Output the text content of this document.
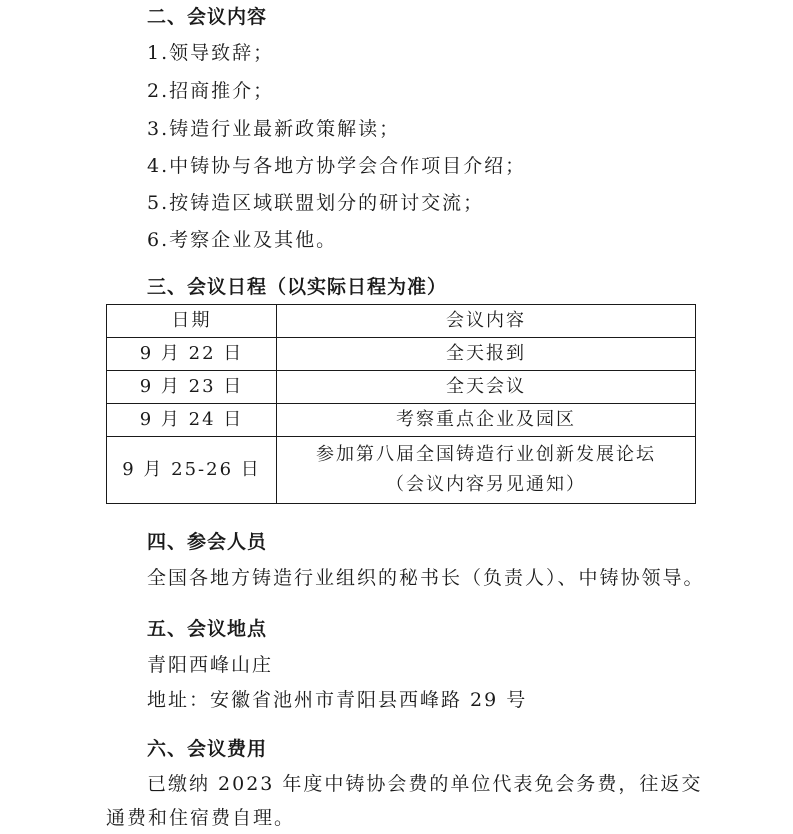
二、会议内容
1.领导致辞；
2.招商推介；
3.铸造行业最新政策解读；
4.中铸协与各地方协学会合作项目介绍；
5.按铸造区域联盟划分的研讨交流；
6.考察企业及其他。
三、会议日程（以实际日程为准）
日期	会议内容
9 月 22 日	全天报到
9 月 23 日	全天会议
9 月 24 日	考察重点企业及园区
9 月 25-26 日	参加第八届全国铸造行业创新发展论坛
（会议内容另见通知）
四、参会人员
全国各地方铸造行业组织的秘书长（负责人）、中铸协领导。
五、会议地点
青阳西峰山庄
地址：安徽省池州市青阳县西峰路 29 号
六、会议费用
已缴纳 2023 年度中铸协会费的单位代表免会务费，往返交
通费和住宿费自理。
